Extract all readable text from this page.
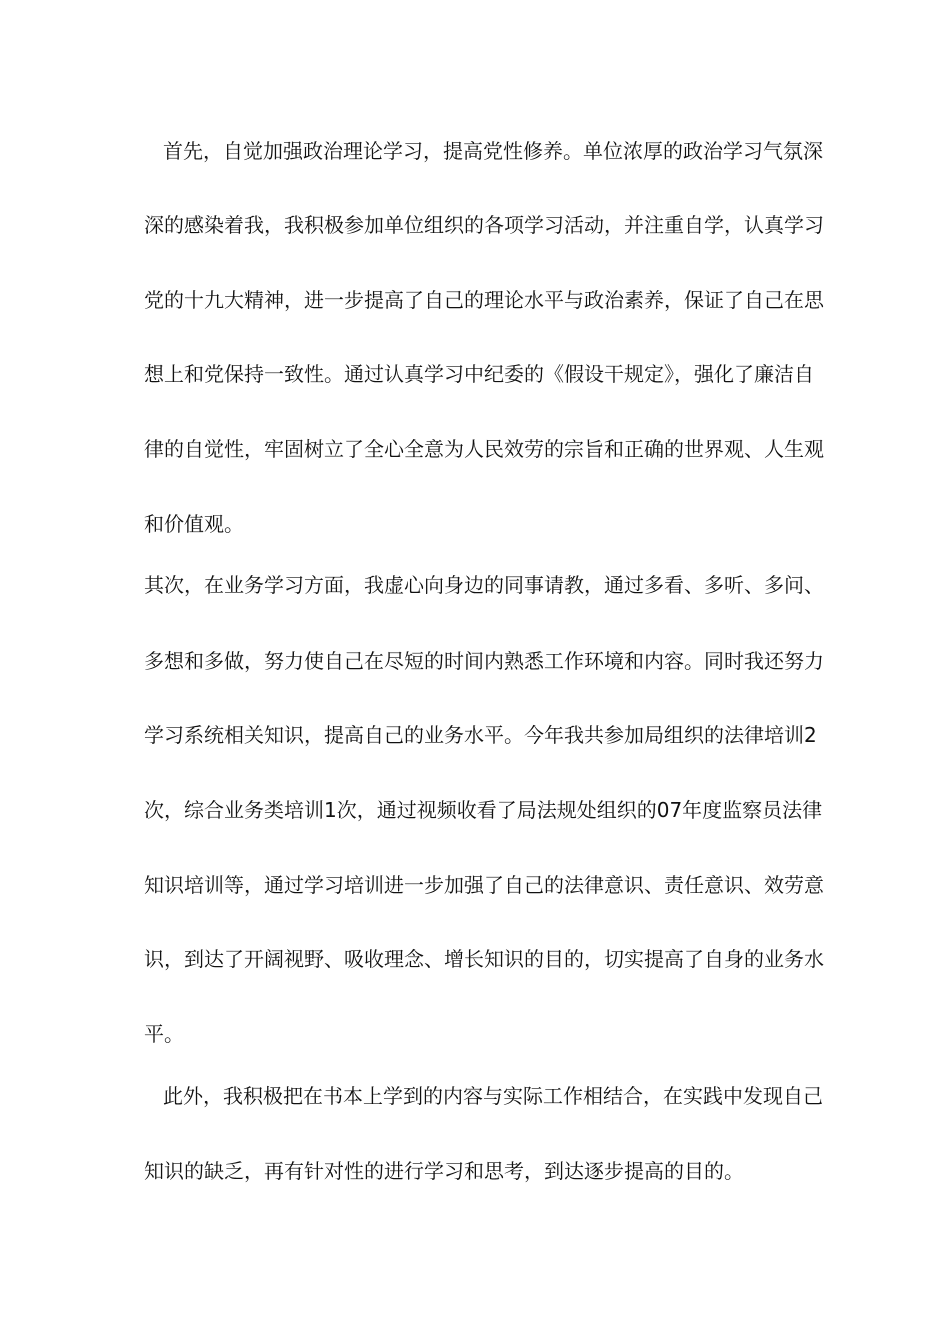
首先，自觉加强政治理论学习，提高党性修养。单位浓厚的政治学习气氛深
深的感染着我，我积极参加单位组织的各项学习活动，并注重自学，认真学习
党的十九大精神，进一步提高了自己的理论水平与政治素养，保证了自己在思
想上和党保持一致性。通过认真学习中纪委的《假设干规定》，强化了廉洁自
律的自觉性，牢固树立了全心全意为人民效劳的宗旨和正确的世界观、人生观
和价值观。
其次，在业务学习方面，我虚心向身边的同事请教，通过多看、多听、多问、
多想和多做，努力使自己在尽短的时间内熟悉工作环境和内容。同时我还努力
学习系统相关知识，提高自己的业务水平。今年我共参加局组织的法律培训2
次，综合业务类培训1次，通过视频收看了局法规处组织的07年度监察员法律
知识培训等，通过学习培训进一步加强了自己的法律意识、责任意识、效劳意
识，到达了开阔视野、吸收理念、增长知识的目的，切实提高了自身的业务水
平。
此外，我积极把在书本上学到的内容与实际工作相结合，在实践中发现自己
知识的缺乏，再有针对性的进行学习和思考，到达逐步提高的目的。
